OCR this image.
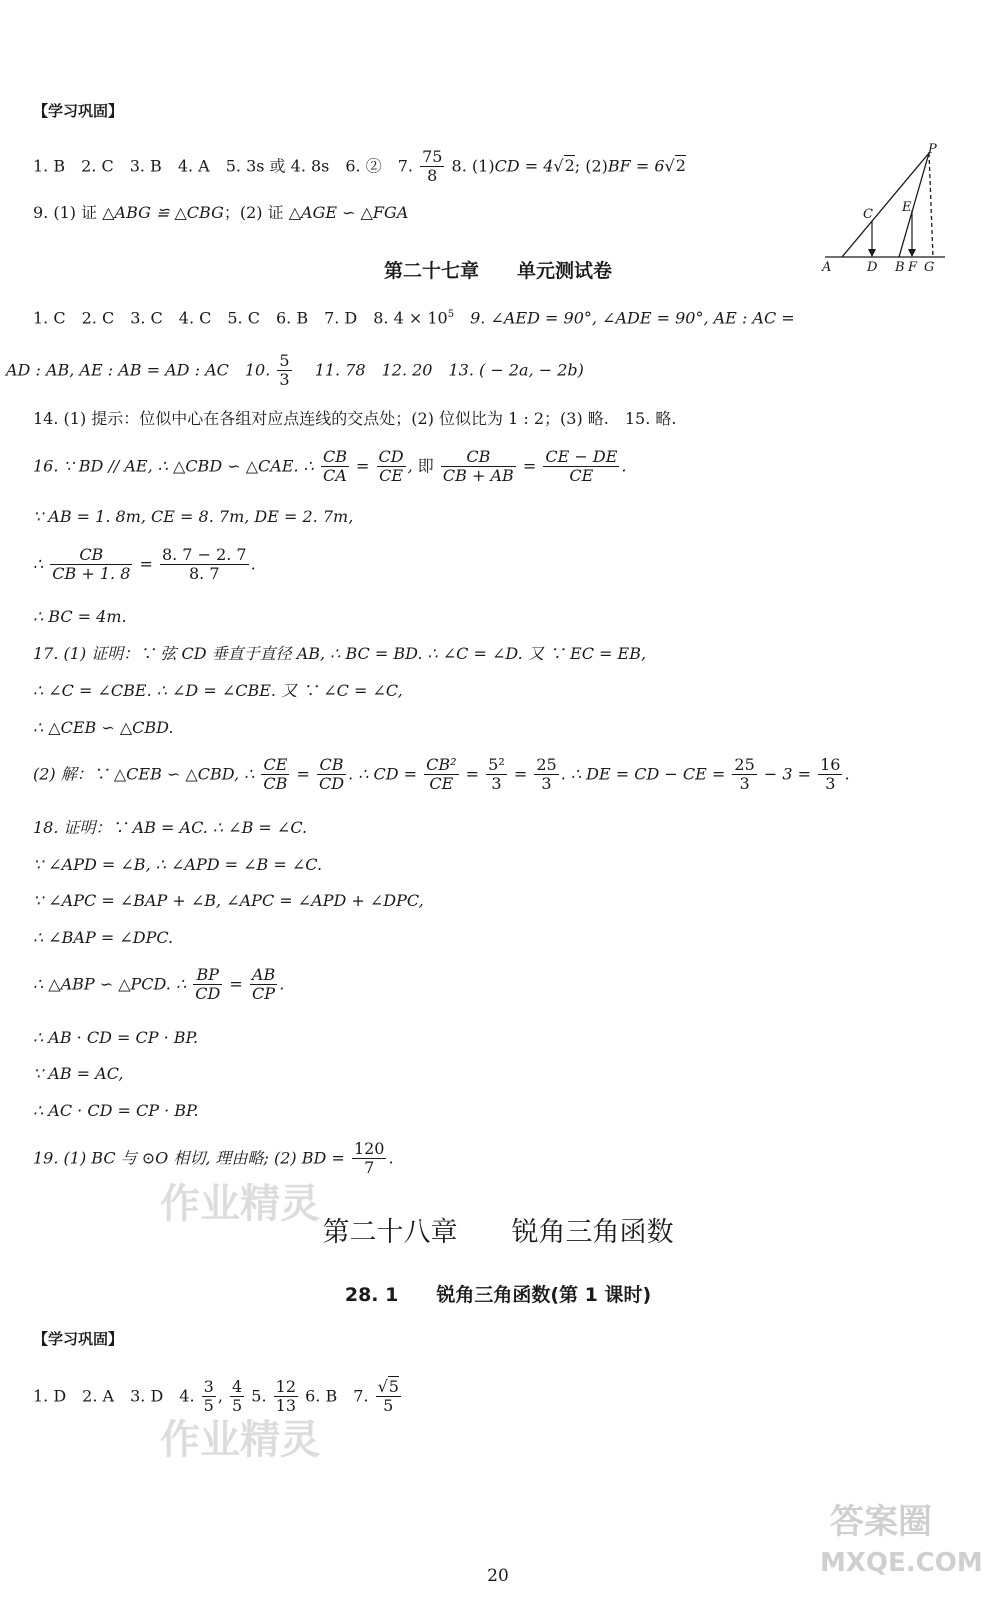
作业精灵
作业精灵
答案圈
MXQE.COM
【学习巩固】
1. B　2. C　3. B　4. A　5. 3s 或 4. 8s　6. ②　7. $\frac{75}{8} 8$. (1)CD = 4√2; (2)BF = 6√2
9. (1) 证 △ABG ≌ △CBG；(2) 证 △AGE ∽ △FGA
P
C E
A	D B F G
第二十七章　　单元测试卷
1. C　2. C　3. C　4. C　5. C　6. B　7. D　8. $4 \times 10^5$　9. ∠AED = 90°, ∠ADE = 90°, AE : AC =
AD : AB, AE : AB = AD : AC　10. $\frac{5}{3}$ 　11. 78　12. 20　13. ( − 2a, − 2b)
14. (1) 提示：位似中心在各组对应点连线的交点处；(2) 位似比为 1 : 2；(3) 略.　15. 略.
16. ∵ BD // AE, ∴ △CBD ∽ △CAE. ∴ $\frac{CB}{CA} = \frac{CD}{CE}$ , 即 $\frac{CB}{CB + AB} = \frac{CE - DE}{CE}$ .
∵ AB = 1. 8m, CE = 8. 7m, DE = 2. 7m,
∴ $\frac{CB}{CB + 1. 8} = \frac{8. 7 - 2. 7}{8. 7}$ .
∴ BC = 4m.
17. (1) 证明：∵ 弦 CD 垂直于直径 AB, ∴ BC = BD. ∴ ∠C = ∠D. 又 ∵ EC = EB,
∴ ∠C = ∠CBE. ∴ ∠D = ∠CBE. 又 ∵ ∠C = ∠C,
∴ △CEB ∽ △CBD.
(2) 解：∵ △CEB ∽ △CBD, ∴ $\frac{CE}{CB} = \frac{CB}{CD}$ . ∴ CD = $\frac{\text{CB²}}{CE} = \frac{\text{5²}}{3} = \frac{25}{3}$ . ∴ DE = CD − CE = $\frac{25}{3} - 3 = \frac{16}{3}$ .
18. 证明：∵ AB = AC. ∴ ∠B = ∠C.
∵ ∠APD = ∠B, ∴ ∠APD = ∠B = ∠C.
∵ ∠APC = ∠BAP + ∠B, ∠APC = ∠APD + ∠DPC,
∴ ∠BAP = ∠DPC.
∴ △ABP ∽ △PCD. ∴ $\frac{BP}{CD} = \frac{AB}{CP}$ .
∴ AB · CD = CP · BP.
∵ AB = AC,
∴ AC · CD = CP · BP.
19. (1) BC 与 ⊙O 相切, 理由略; (2) BD = $\frac{120}{7}$ .
第二十八章　　锐角三角函数
28. 1　　锐角三角函数(第 1 课时)
【学习巩固】
1. D　2. A　3. D　4. $\frac{3}{5}$ , $\frac{4}{5} 5$. $\frac{12}{13} 6$. B　7. $\frac{√5}{5}$
20
